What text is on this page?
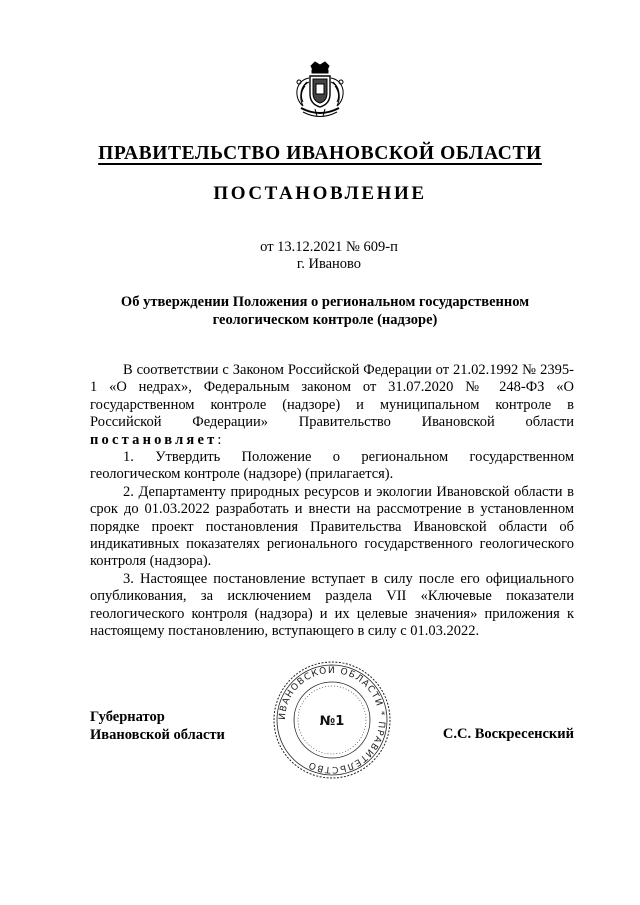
ПРАВИТЕЛЬСТВО ИВАНОВСКОЙ ОБЛАСТИ
ПОСТАНОВЛЕНИЕ
от 13.12.2021 № 609-п
г. Иваново
Об утверждении Положения о региональном государственном
геологическом контроле (надзоре)

В соответствии с Законом Российской Федерации от 21.02.1992 № 2395-1 «О недрах», Федеральным законом от 31.07.2020 № 248-ФЗ «О государственном контроле (надзоре) и муниципальном контроле в Российской Федерации» Правительство Ивановской области постановляет:

1. Утвердить Положение о региональном государственном геологическом контроле (надзоре) (прилагается).

2. Департаменту природных ресурсов и экологии Ивановской области в срок до 01.03.2022 разработать и внести на рассмотрение в установленном порядке проект постановления Правительства Ивановской области об индикативных показателях регионального государственного геологического контроля (надзора).

3. Настоящее постановление вступает в силу после его официального опубликования, за исключением раздела VII «Ключевые показатели геологического контроля (надзора) и их целевые значения» приложения к настоящему постановлению, вступающего в силу с 01.03.2022.

ИВАНОВСКОЙ ОБЛАСТИ * ПРАВИТЕЛЬСТВО
№1
Губернатор
Ивановской области	С.С. Воскресенский
